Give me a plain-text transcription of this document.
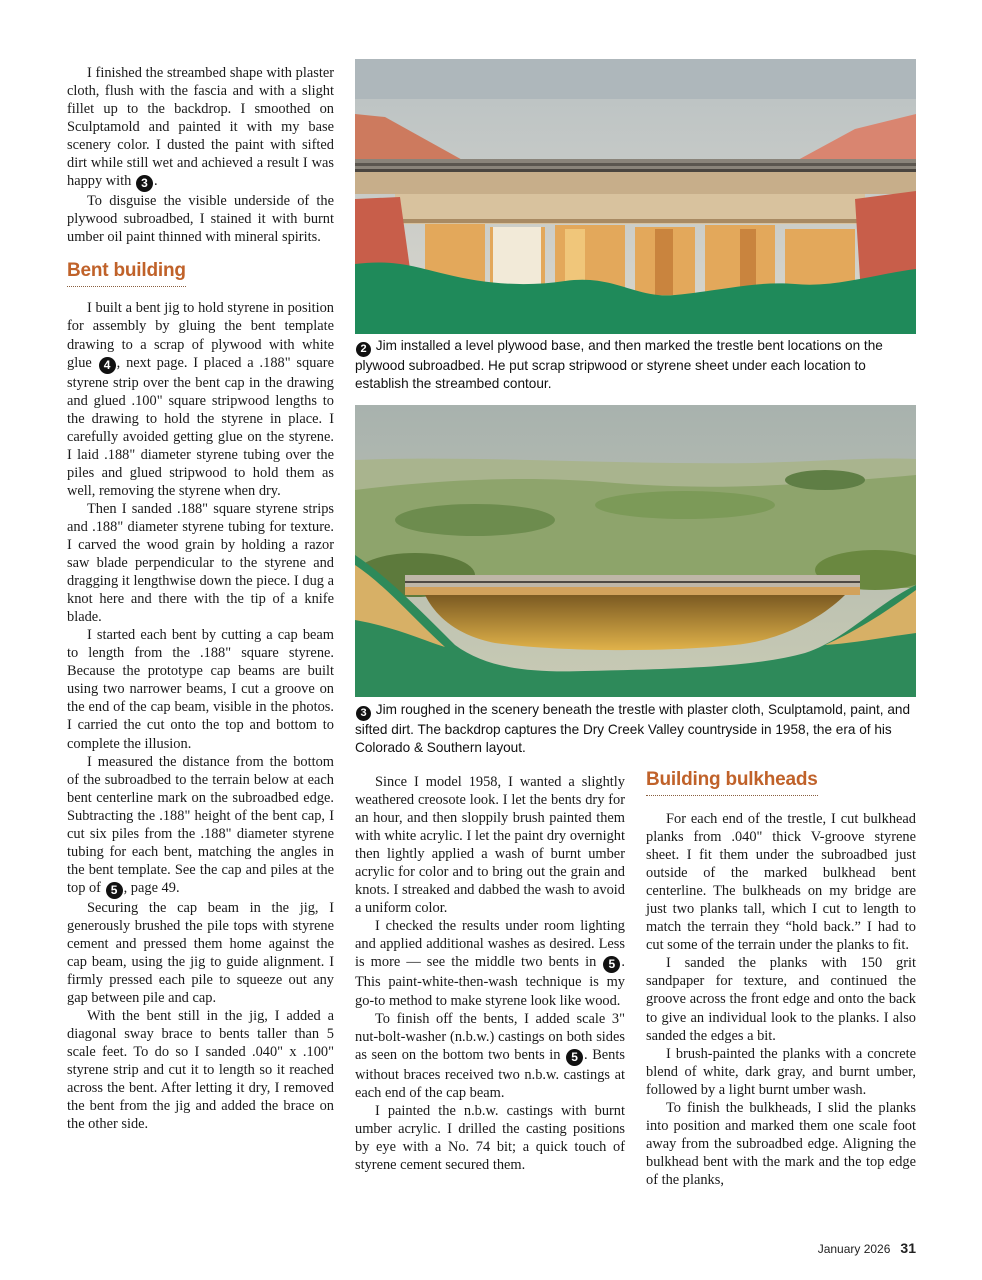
I finished the streambed shape with plaster cloth, flush with the fascia and with a slight fillet up to the backdrop. I smoothed on Sculptamold and painted it with my base scenery color. I dusted the paint with sifted dirt while still wet and achieved a result I was happy with 3 .

To disguise the visible underside of the plywood subroadbed, I stained it with burnt umber oil paint thinned with mineral spirits.

Bent building

I built a bent jig to hold styrene in position for assembly by gluing the bent template drawing to a scrap of plywood with white glue 4 , next page. I placed a .188" square styrene strip over the bent cap in the drawing and glued .100" square stripwood lengths to the drawing to hold the styrene in place. I carefully avoided getting glue on the styrene. I laid .188" diameter styrene tubing over the piles and glued stripwood to hold them as well, removing the styrene when dry.

Then I sanded .188" square styrene strips and .188" diameter styrene tubing for texture. I carved the wood grain by holding a razor saw blade perpendicular to the styrene and dragging it lengthwise down the piece. I dug a knot here and there with the tip of a knife blade.

I started each bent by cutting a cap beam to length from the .188" square styrene. Because the prototype cap beams are built using two narrower beams, I cut a groove on the end of the cap beam, visible in the photos. I carried the cut onto the top and bottom to complete the illusion.

I measured the distance from the bottom of the subroadbed to the terrain below at each bent centerline mark on the subroadbed edge. Subtracting the .188" height of the bent cap, I cut six piles from the .188" diameter styrene tubing for each bent, matching the angles in the bent template. See the cap and piles at the top of 5 , page 49.

Securing the cap beam in the jig, I generously brushed the pile tops with styrene cement and pressed them home against the cap beam, using the jig to guide alignment. I firmly pressed each pile to squeeze out any gap between pile and cap.

With the bent still in the jig, I added a diagonal sway brace to bents taller than 5 scale feet. To do so I sanded .040" x .100" styrene strip and cut it to length so it reached across the bent. After letting it dry, I removed the bent from the jig and added the brace on the other side.

2 Jim installed a level plywood base, and then marked the trestle bent locations on the plywood subroadbed. He put scrap stripwood or styrene sheet under each location to establish the streambed contour.
3 Jim roughed in the scenery beneath the trestle with plaster cloth, Sculptamold, paint, and sifted dirt. The backdrop captures the Dry Creek Valley countryside in 1958, the era of his Colorado & Southern layout.

Since I model 1958, I wanted a slightly weathered creosote look. I let the bents dry for an hour, and then sloppily brush painted them with white acrylic. I let the paint dry overnight then lightly applied a wash of burnt umber acrylic for color and to bring out the grain and knots. I streaked and dabbed the wash to avoid a uniform color.

I checked the results under room lighting and applied additional washes as desired. Less is more — see the middle two bents in 5 . This paint-white-then-wash technique is my go-to method to make styrene look like wood.

To finish off the bents, I added scale 3" nut-bolt-washer (n.b.w.) castings on both sides as seen on the bottom two bents in 5 . Bents without braces received two n.b.w. castings at each end of the cap beam.

I painted the n.b.w. castings with burnt umber acrylic. I drilled the casting positions by eye with a No. 74 bit; a quick touch of styrene cement secured them.

Building bulkheads

For each end of the trestle, I cut bulkhead planks from .040" thick V-groove styrene sheet. I fit them under the subroadbed just outside of the marked bulkhead bent centerline. The bulkheads on my bridge are just two planks tall, which I cut to length to match the terrain they “hold back.” I had to cut some of the terrain under the planks to fit.

I sanded the planks with 150 grit sandpaper for texture, and continued the groove across the front edge and onto the back to give an individual look to the planks. I also sanded the edges a bit.

I brush-painted the planks with a concrete blend of white, dark gray, and burnt umber, followed by a light burnt umber wash.

To finish the bulkheads, I slid the planks into position and marked them one scale foot away from the subroadbed edge. Aligning the bulkhead bent with the mark and the top edge of the planks,

January 2026 31
